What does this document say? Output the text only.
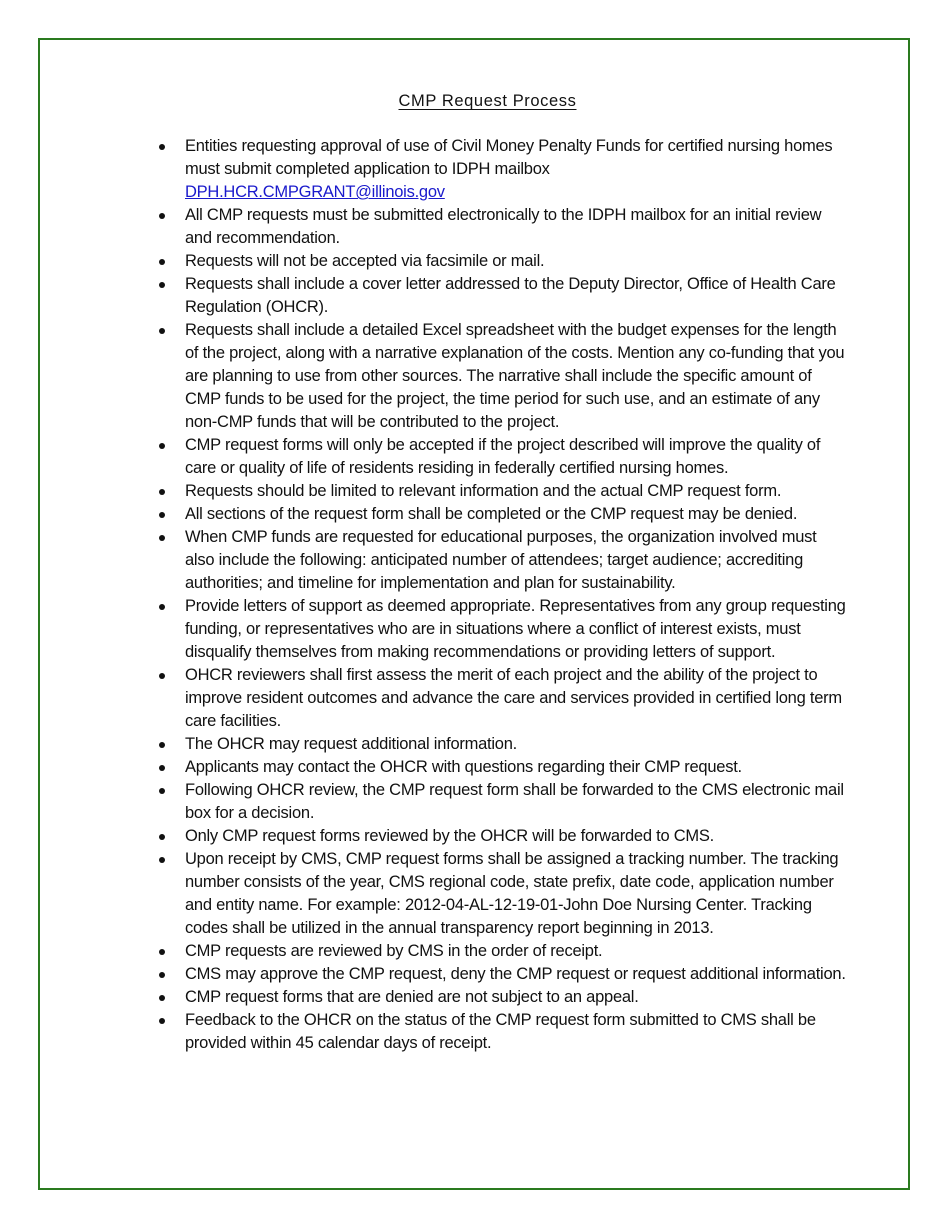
CMP Request Process
Entities requesting approval of use of Civil Money Penalty Funds for certified nursing homes must submit completed application to IDPH mailbox
DPH.HCR.CMPGRANT@illinois.gov
All CMP requests must be submitted electronically to the IDPH mailbox for an initial review and recommendation.
Requests will not be accepted via facsimile or mail.
Requests shall include a cover letter addressed to the Deputy Director, Office of Health Care Regulation (OHCR).
Requests shall include a detailed Excel spreadsheet with the budget expenses for the length of the project, along with a narrative explanation of the costs. Mention any co-funding that you are planning to use from other sources. The narrative shall include the specific amount of CMP funds to be used for the project, the time period for such use, and an estimate of any non-CMP funds that will be contributed to the project.
CMP request forms will only be accepted if the project described will improve the quality of care or quality of life of residents residing in federally certified nursing homes.
Requests should be limited to relevant information and the actual CMP request form.
All sections of the request form shall be completed or the CMP request may be denied.
When CMP funds are requested for educational purposes, the organization involved must also include the following: anticipated number of attendees; target audience; accrediting authorities; and timeline for implementation and plan for sustainability.
Provide letters of support as deemed appropriate. Representatives from any group requesting funding, or representatives who are in situations where a conflict of interest exists, must disqualify themselves from making recommendations or providing letters of support.
OHCR reviewers shall first assess the merit of each project and the ability of the project to improve resident outcomes and advance the care and services provided in certified long term care facilities.
The OHCR may request additional information.
Applicants may contact the OHCR with questions regarding their CMP request.
Following OHCR review, the CMP request form shall be forwarded to the CMS electronic mail box for a decision.
Only CMP request forms reviewed by the OHCR will be forwarded to CMS.
Upon receipt by CMS, CMP request forms shall be assigned a tracking number. The tracking number consists of the year, CMS regional code, state prefix, date code, application number and entity name. For example: 2012-04-AL-12-19-01-John Doe Nursing Center. Tracking codes shall be utilized in the annual transparency report beginning in 2013.
CMP requests are reviewed by CMS in the order of receipt.
CMS may approve the CMP request, deny the CMP request or request additional information.
CMP request forms that are denied are not subject to an appeal.
Feedback to the OHCR on the status of the CMP request form submitted to CMS shall be provided within 45 calendar days of receipt.
